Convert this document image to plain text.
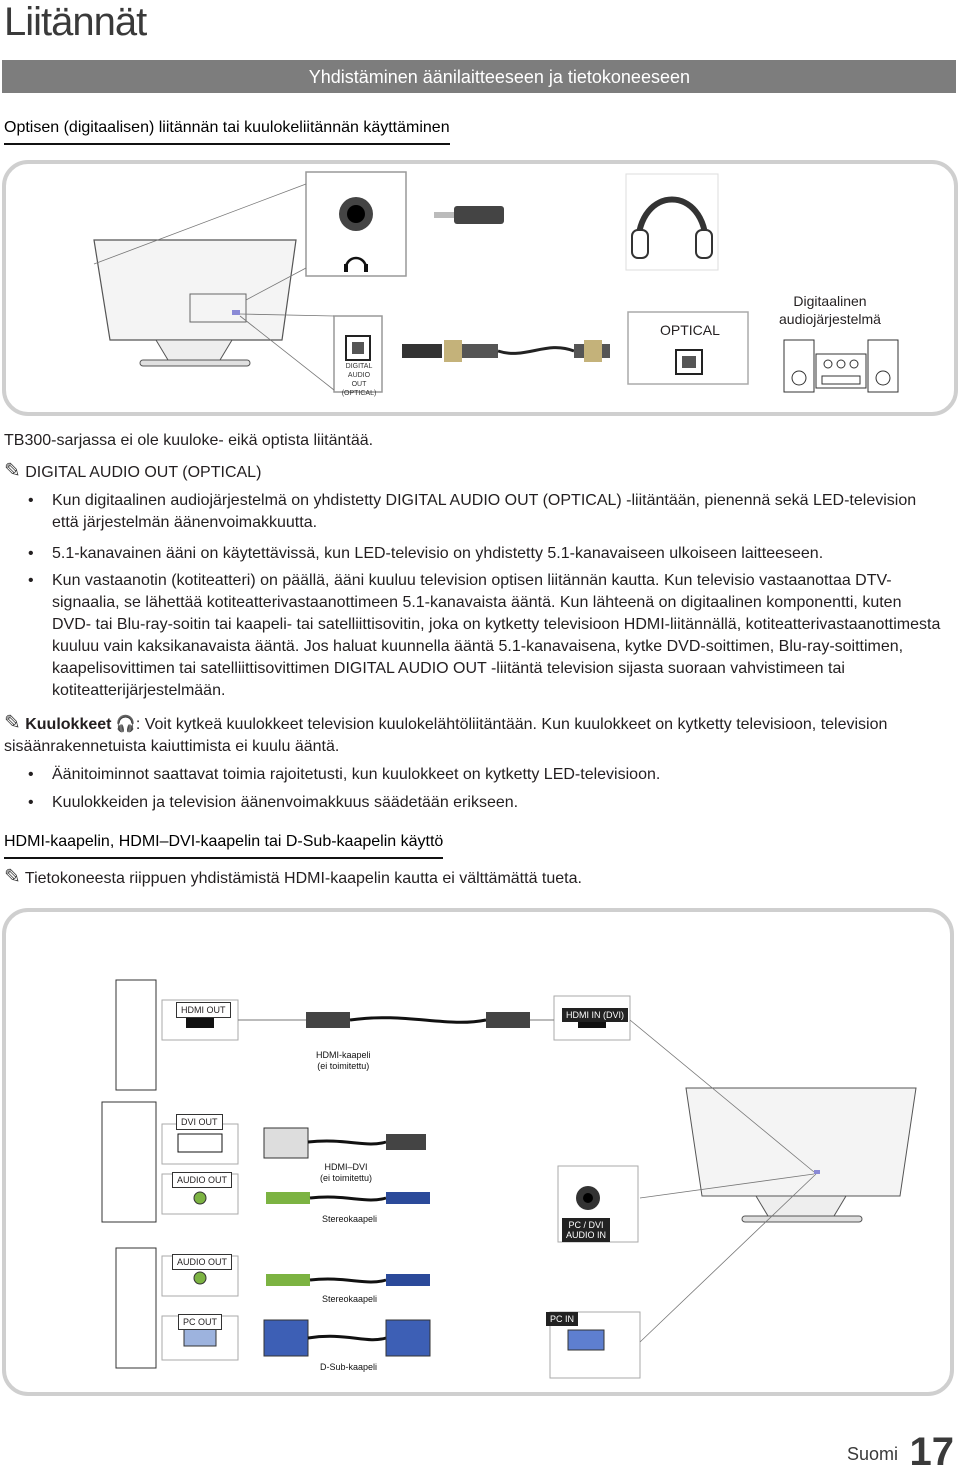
Liitännät
Yhdistäminen äänilaitteeseen ja tietokoneeseen
Optisen (digitaalisen) liitännän tai kuulokeliitännän käyttäminen
DIGITAL
AUDIO OUT
(OPTICAL)
OPTICAL
Digitaalinen
audiojärjestelmä
TB300-sarjassa ei ole kuuloke- eikä optista liitäntää.
✎ DIGITAL AUDIO OUT (OPTICAL)
• Kun digitaalinen audiojärjestelmä on yhdistetty DIGITAL AUDIO OUT (OPTICAL) -liitäntään, pienennä sekä LED-television että järjestelmän äänenvoimakkuutta.
• 5.1-kanavainen ääni on käytettävissä, kun LED-televisio on yhdistetty 5.1-kanavaiseen ulkoiseen laitteeseen.
• Kun vastaanotin (kotiteatteri) on päällä, ääni kuuluu television optisen liitännän kautta. Kun televisio vastaanottaa DTV-signaalia, se lähettää kotiteatterivastaanottimeen 5.1-kanavaista ääntä. Kun lähteenä on digitaalinen komponentti, kuten DVD- tai Blu-ray-soitin tai kaapeli- tai satelliittisovitin, joka on kytketty televisioon HDMI-liitännällä, kotiteatterivastaanottimesta kuuluu vain kaksikanavaista ääntä. Jos haluat kuunnella ääntä 5.1-kanavaisena, kytke DVD-soittimen, Blu-ray-soittimen, kaapelisovittimen tai satelliittisovittimen DIGITAL AUDIO OUT -liitäntä television sijasta suoraan vahvistimeen tai kotiteatterijärjestelmään.
✎ Kuulokkeet 🎧: Voit kytkeä kuulokkeet television kuulokelähtöliitäntään. Kun kuulokkeet on kytketty televisioon, television sisäänrakennetuista kaiuttimista ei kuulu ääntä.
• Äänitoiminnot saattavat toimia rajoitetusti, kun kuulokkeet on kytketty LED-televisioon.
• Kuulokkeiden ja television äänenvoimakkuus säädetään erikseen.
HDMI-kaapelin, HDMI–DVI-kaapelin tai D-Sub-kaapelin käyttö
✎ Tietokoneesta riippuen yhdistämistä HDMI-kaapelin kautta ei välttämättä tueta.
HDMI OUT	HDMI IN (DVI)
HDMI-kaapeli
(ei toimitettu)
DVI OUT
AUDIO OUT
HDMI–DVI
(ei toimitettu)
Stereokaapeli
PC / DVI
AUDIO IN
AUDIO OUT
Stereokaapeli
PC OUT	PC IN
D-Sub-kaapeli
Suomi 17
